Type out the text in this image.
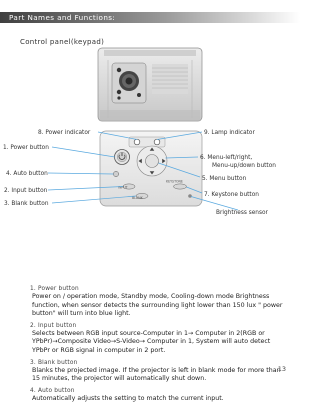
Part Names and Functions:
Control panel(keypad)
INPUT
BLANK
KEYSTONE
8. Power indicator	9. Lamp indicator
1. Power button
6. Menu-left/right,
Menu-up/down button
4. Auto button
5. Menu button
2. Input button
7. Keystone button
3. Blank button
Brightness sensor
1. Power button
Power on / operation mode, Standby mode, Cooling-down mode Brightness function, when sensor detects the surrounding light lower than 150 lux " power button" will turn into blue light.
2. Input button
Selects between RGB input source-Computer in 1→ Computer in 2(RGB or YPbPr)→Composite Video→S-Video→ Computer in 1, System will auto detect YPbPr or RGB signal in computer in 2 port.
3. Blank button
Blanks the projected image. If the projector is left in blank mode for more than 15 minutes, the projector will automatically shut down.
4. Auto button
Automatically adjusts the setting to match the current input.
13
